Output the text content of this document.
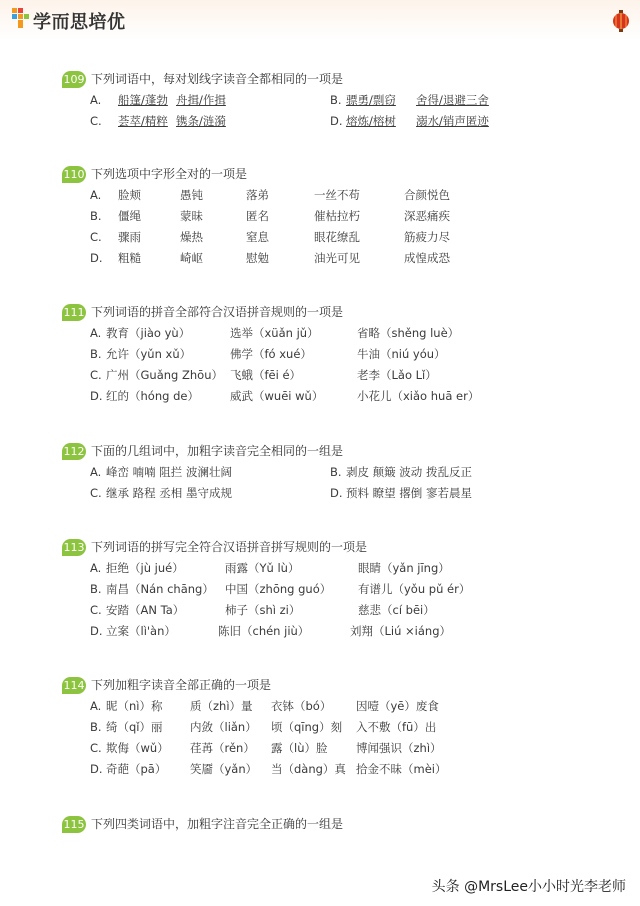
学而思培优
109 下列词语中，每对划线字读音全都相同的一项是
A. 船篷/蓬勃 舟揖/作揖	B. 骠勇/剽窃 舍得/退避三舍
C. 荟萃/精粹 镌条/涟漪	D. 熔炼/榕树 溺水/销声匿迹
110 下列选项中字形全对的一项是
A. 脸颊	愚钝	落弟	一丝不苟	合颜悦色
B. 僵绳	蒙昧	匿名	催枯拉朽	深恶痛疾
C. 骤雨	燥热	窒息	眼花缭乱	筋疲力尽
D. 粗糙	崎岖	慰勉	油光可见	成惶成恐
111 下列词语的拼音全部符合汉语拼音规则的一项是
A. 教育（jiào yù）	选举（xüǎn jǔ）	省略（shěng luè）
B. 允许（yǔn xǔ）	佛学（fó xué）	牛油（niú yóu）
C. 广州（Guǎng Zhōu） 飞蛾（fēi é）	老李（Lǎo Lǐ）
D. 红的（hóng de）	威武（wuēi wǔ）	小花儿（xiǎo huā er）
112 下面的几组词中，加粗字读音完全相同的一组是
A. 峰峦 喃喃 阻拦 波澜壮阔	B. 剥皮 颠簸 波动 拨乱反正
C. 继承 路程 丞相 墨守成规	D. 预料 瞭望 撂倒 寥若晨星
113 下列词语的拼写完全符合汉语拼音拼写规则的一项是
A. 拒绝（jù jué）	雨露（Yǔ lù）	眼睛（yǎn jīng）
B. 南昌（Nán chāng） 中国（zhōng guó） 有谱儿（yǒu pǔ ér）
C. 安踏（AN Ta）	柿子（shì zi）	慈悲（cí bēi）
D. 立案（lì'àn）	陈旧（chén jiù）	刘翔（Liú ×iáng）
114 下列加粗字读音全部正确的一项是
A. 昵（nì）称 质（zhì）量 衣钵（bó） 因噎（yē）废食
B. 绮（qǐ）丽 内敛（liǎn） 顷（qīng）刻 入不敷（fū）出
C. 欺侮（wǔ） 荏苒（rěn） 露（lù）脸 博闻强识（zhì）
D. 奇葩（pā） 笑靥（yǎn） 当（dàng）真 拾金不昧（mèi）
115 下列四类词语中，加粗字注音完全正确的一组是
头条 @MrsLee小小时光李老师
